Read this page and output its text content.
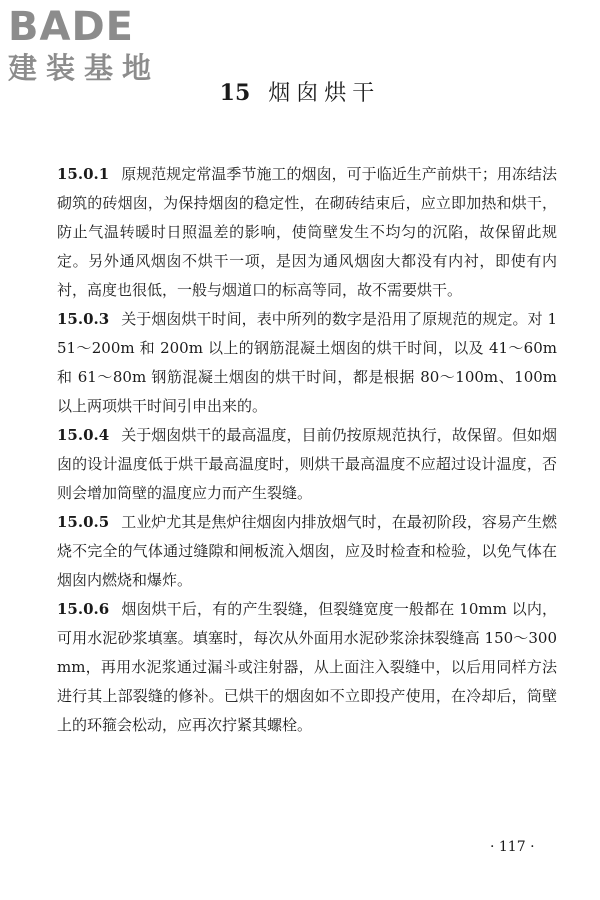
BADE
建装基地
15 烟囱烘干

15.0.1 原规范规定常温季节施工的烟囱，可于临近生产前烘干；用冻结法砌筑的砖烟囱，为保持烟囱的稳定性，在砌砖结束后，应立即加热和烘干，防止气温转暖时日照温差的影响，使筒壁发生不均匀的沉陷，故保留此规定。另外通风烟囱不烘干一项，是因为通风烟囱大都没有内衬，即使有内衬，高度也很低，一般与烟道口的标高等同，故不需要烘干。

15.0.3 关于烟囱烘干时间，表中所列的数字是沿用了原规范的规定。对 151～200m 和 200m 以上的钢筋混凝土烟囱的烘干时间，以及 41～60m 和 61～80m 钢筋混凝土烟囱的烘干时间，都是根据 80～100m、100m 以上两项烘干时间引申出来的。

15.0.4 关于烟囱烘干的最高温度，目前仍按原规范执行，故保留。但如烟囱的设计温度低于烘干最高温度时，则烘干最高温度不应超过设计温度，否则会增加筒壁的温度应力而产生裂缝。

15.0.5 工业炉尤其是焦炉往烟囱内排放烟气时，在最初阶段，容易产生燃烧不完全的气体通过缝隙和闸板流入烟囱，应及时检查和检验，以免气体在烟囱内燃烧和爆炸。

15.0.6 烟囱烘干后，有的产生裂缝，但裂缝宽度一般都在 10mm 以内，可用水泥砂浆填塞。填塞时，每次从外面用水泥砂浆涂抹裂缝高 150～300mm，再用水泥浆通过漏斗或注射器，从上面注入裂缝中，以后用同样方法进行其上部裂缝的修补。已烘干的烟囱如不立即投产使用，在冷却后，筒壁上的环箍会松动，应再次拧紧其螺栓。

· 117 ·
